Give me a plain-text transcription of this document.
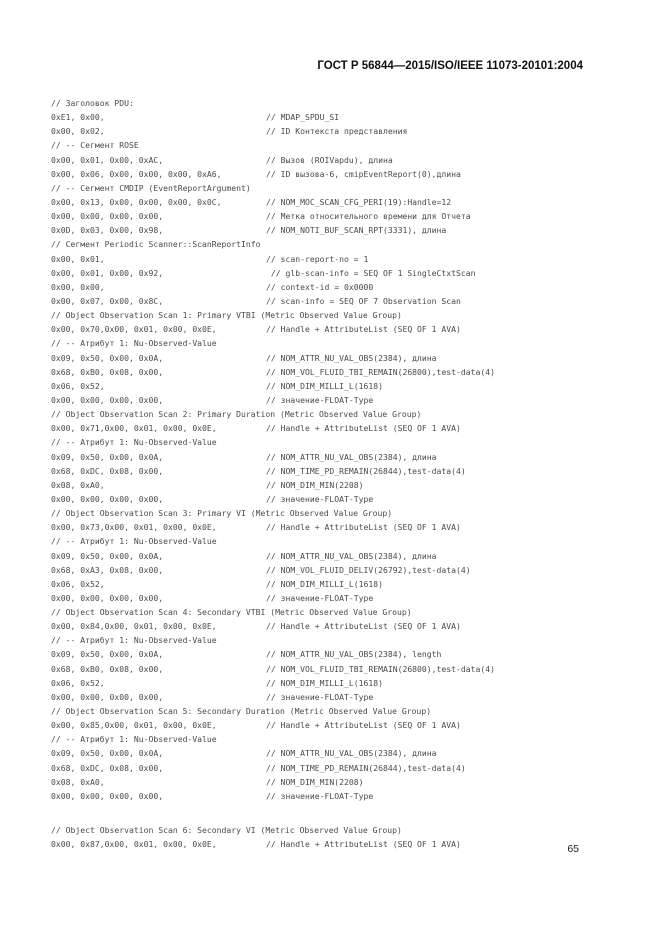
ГОСТ Р 56844—2015/ISO/IEEE 11073-20101:2004
// Заголовок PDU:
0xE1, 0x00,	// MDAP_SPDU_SI
0x00, 0x02,	// ID Контекста представления
// -- Сегмент ROSE
0x00, 0x01, 0x00, 0xAC,	// Вызов (ROIVapdu), длина
0x00, 0x06, 0x00, 0x00, 0x00, 0xA6,	// ID вызова-6, cmipEventReport(0),длина
// -- Сегмент CMDIP (EventReportArgument)
0x00, 0x13, 0x00, 0x00, 0x00, 0x0C,	// NOM_MOC_SCAN_CFG_PERI(19):Handle=12
0x00, 0x00, 0x00, 0x00,	// Метка относительного времени для Отчета
0x0D, 0x03, 0x00, 0x98,	// NOM_NOTI_BUF_SCAN_RPT(3331), длина
// Сегмент Periodic Scanner::ScanReportInfo
0x00, 0x01,	// scan-report-no = 1
0x00, 0x01, 0x00, 0x92,	// glb-scan-info = SEQ OF 1 SingleCtxtScan
0x00, 0x00,	// context-id = 0x0000
0x00, 0x07, 0x00, 0x8C,	// scan-info = SEQ OF 7 Observation Scan
// Object Observation Scan 1: Primary VTBI (Metric Observed Value Group)
0x00, 0x70,0x00, 0x01, 0x00, 0x0E,	// Handle + AttributeList (SEQ OF 1 AVA)
// -- Атрибут 1: Nu-Observed-Value
0x09, 0x50, 0x00, 0x0A,	// NOM_ATTR_NU_VAL_OBS(2384), длина
0x68, 0xB0, 0x08, 0x00,	// NOM_VOL_FLUID_TBI_REMAIN(26800),test-data(4)
0x06, 0x52,	// NOM_DIM_MILLI_L(1618)
0x00, 0x00, 0x00, 0x00,	// значение-FLOAT-Type
// Object Observation Scan 2: Primary Duration (Metric Observed Value Group)
0x00, 0x71,0x00, 0x01, 0x00, 0x0E,	// Handle + AttributeList (SEQ OF 1 AVA)
// -- Атрибут 1: Nu-Observed-Value
0x09, 0x50, 0x00, 0x0A,	// NOM_ATTR_NU_VAL_OBS(2384), длина
0x68, 0xDC, 0x08, 0x00,	// NOM_TIME_PD_REMAIN(26844),test-data(4)
0x08, 0xA0,	// NOM_DIM_MIN(2208)
0x00, 0x00, 0x00, 0x00,	// значение-FLOAT-Type
// Object Observation Scan 3: Primary VI (Metric Observed Value Group)
0x00, 0x73,0x00, 0x01, 0x00, 0x0E,	// Handle + AttributeList (SEQ OF 1 AVA)
// -- Атрибут 1: Nu-Observed-Value
0x09, 0x50, 0x00, 0x0A,	// NOM_ATTR_NU_VAL_OBS(2384), длина
0x68, 0xA3, 0x08, 0x00,	// NOM_VOL_FLUID_DELIV(26792),test-data(4)
0x06, 0x52,	// NOM_DIM_MILLI_L(1618)
0x00, 0x00, 0x00, 0x00,	// значение-FLOAT-Type
// Object Observation Scan 4: Secondary VTBI (Metric Observed Value Group)
0x00, 0x84,0x00, 0x01, 0x00, 0x0E,	// Handle + AttributeList (SEQ OF 1 AVA)
// -- Атрибут 1: Nu-Observed-Value
0x09, 0x50, 0x00, 0x0A,	// NOM_ATTR_NU_VAL_OBS(2384), length
0x68, 0xB0, 0x08, 0x00,	// NOM_VOL_FLUID_TBI_REMAIN(26800),test-data(4)
0x06, 0x52,	// NOM_DIM_MILLI_L(1618)
0x00, 0x00, 0x00, 0x00,	// значение-FLOAT-Type
// Object Observation Scan 5: Secondary Duration (Metric Observed Value Group)
0x00, 0x85,0x00, 0x01, 0x00, 0x0E,	// Handle + AttributeList (SEQ OF 1 AVA)
// -- Атрибут 1: Nu-Observed-Value
0x09, 0x50, 0x00, 0x0A,	// NOM_ATTR_NU_VAL_OBS(2384), длина
0x68, 0xDC, 0x08, 0x00,	// NOM_TIME_PD_REMAIN(26844),test-data(4)
0x08, 0xA0,	// NOM_DIM_MIN(2208)
0x00, 0x00, 0x00, 0x00,	// значение-FLOAT-Type
// Object Observation Scan 6: Secondary VI (Metric Observed Value Group)
0x00, 0x87,0x00, 0x01, 0x00, 0x0E,	// Handle + AttributeList (SEQ OF 1 AVA)	65
